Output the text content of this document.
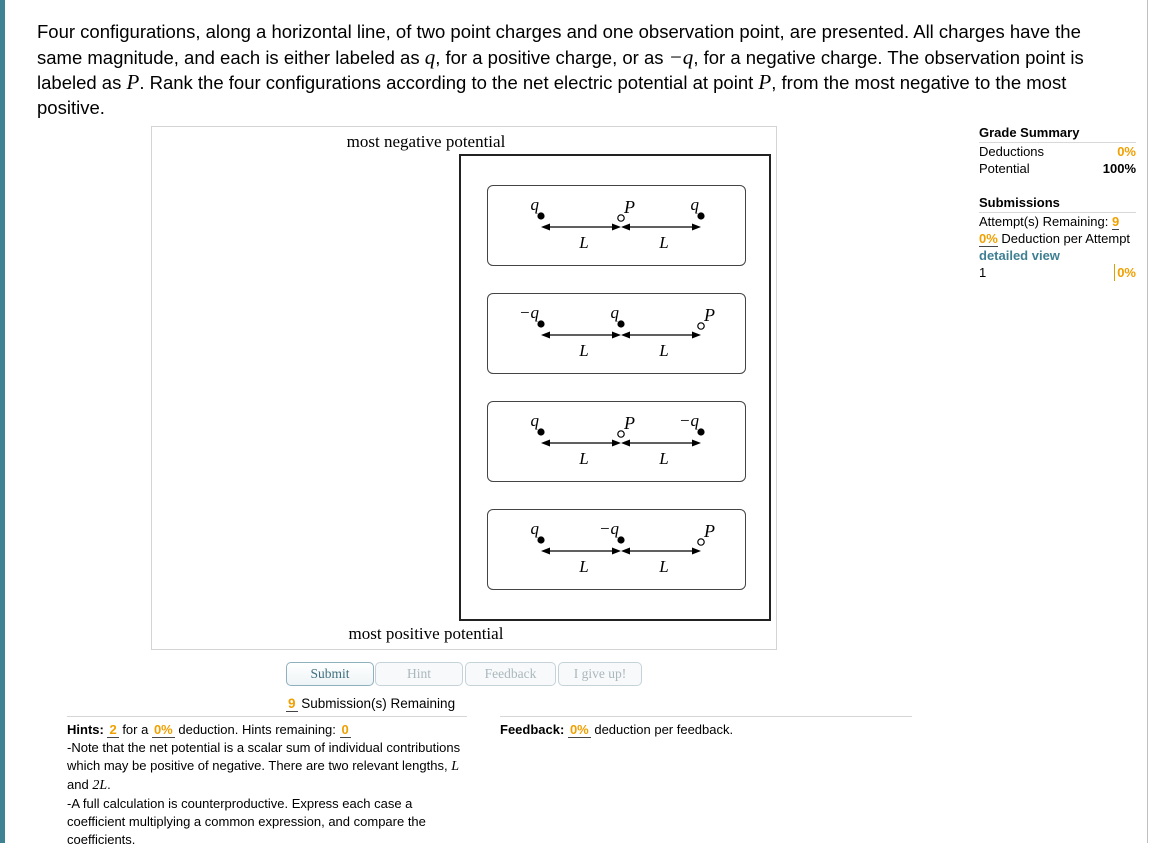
Four configurations, along a horizontal line, of two point charges and one observation point, are presented. All charges have the same magnitude, and each is either labeled as q, for a positive charge, or as −q, for a negative charge. The observation point is labeled as P. Rank the four configurations according to the net electric potential at point P, from the most negative to the most positive.

most negative potential
L	L
q	P	q
L	L
−q	q	P
L	L
q	P	−q
L	L
q	−q	P
most positive potential
Submit	Hint	Feedback	I give up!
9 Submission(s) Remaining

Hints: 2 for a 0% deduction. Hints remaining: 0

-Note that the net potential is a scalar sum of individual contributions which may be positive of negative. There are two relevant lengths, L and 2L.

-A full calculation is counterproductive. Express each case a coefficient multiplying a common expression, and compare the coefficients.

Feedback: 0% deduction per feedback.
Grade Summary
Deductions	0%
Potential	100%
Submissions
Attempt(s) Remaining: 9
0% Deduction per Attempt
detailed view
1	0%
